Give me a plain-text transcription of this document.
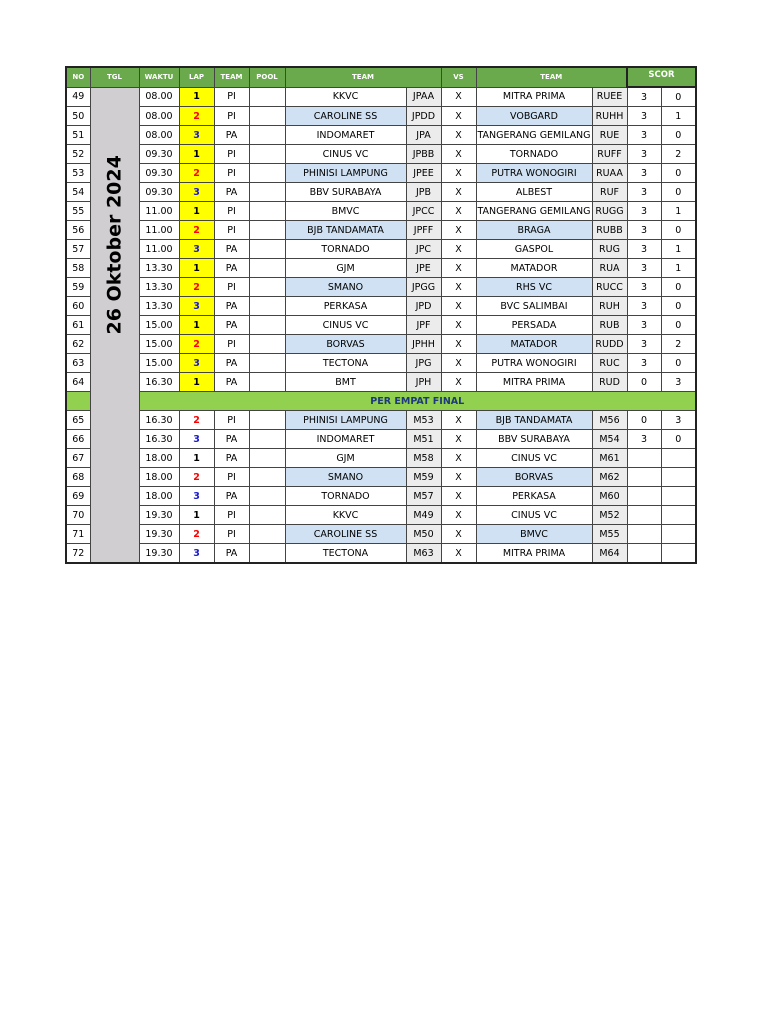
NO	TGL	WAKTU	LAP	TEAM	POOL	TEAM		VS	TEAM		SCOR	
49	26 Oktober 2024	08.00	1	PI		KKVC	JPAA	X	MITRA PRIMA	RUEE	3	0
50		08.00	2	PI		CAROLINE SS	JPDD	X	VOBGARD	RUHH	3	1
51		08.00	3	PA		INDOMARET	JPA	X	TANGERANG GEMILANG	RUE	3	0
52		09.30	1	PI		CINUS VC	JPBB	X	TORNADO	RUFF	3	2
53		09.30	2	PI		PHINISI LAMPUNG	JPEE	X	PUTRA WONOGIRI	RUAA	3	0
54		09.30	3	PA		BBV SURABAYA	JPB	X	ALBEST	RUF	3	0
55		11.00	1	PI		BMVC	JPCC	X	TANGERANG GEMILANG	RUGG	3	1
56		11.00	2	PI		BJB TANDAMATA	JPFF	X	BRAGA	RUBB	3	0
57		11.00	3	PA		TORNADO	JPC	X	GASPOL	RUG	3	1
58		13.30	1	PA		GJM	JPE	X	MATADOR	RUA	3	1
59		13.30	2	PI		SMANO	JPGG	X	RHS VC	RUCC	3	0
60		13.30	3	PA		PERKASA	JPD	X	BVC SALIMBAI	RUH	3	0
61		15.00	1	PA		CINUS VC	JPF	X	PERSADA	RUB	3	0
62		15.00	2	PI		BORVAS	JPHH	X	MATADOR	RUDD	3	2
63		15.00	3	PA		TECTONA	JPG	X	PUTRA WONOGIRI	RUC	3	0
64		16.30	1	PA		BMT	JPH	X	MITRA PRIMA	RUD	0	3
		PER EMPAT FINAL										
65		16.30	2	PI		PHINISI LAMPUNG	M53	X	BJB TANDAMATA	M56	0	3
66		16.30	3	PA		INDOMARET	M51	X	BBV SURABAYA	M54	3	0
67		18.00	1	PA		GJM	M58	X	CINUS VC	M61		
68		18.00	2	PI		SMANO	M59	X	BORVAS	M62		
69		18.00	3	PA		TORNADO	M57	X	PERKASA	M60		
70		19.30	1	PI		KKVC	M49	X	CINUS VC	M52		
71		19.30	2	PI		CAROLINE SS	M50	X	BMVC	M55		
72		19.30	3	PA		TECTONA	M63	X	MITRA PRIMA	M64		
